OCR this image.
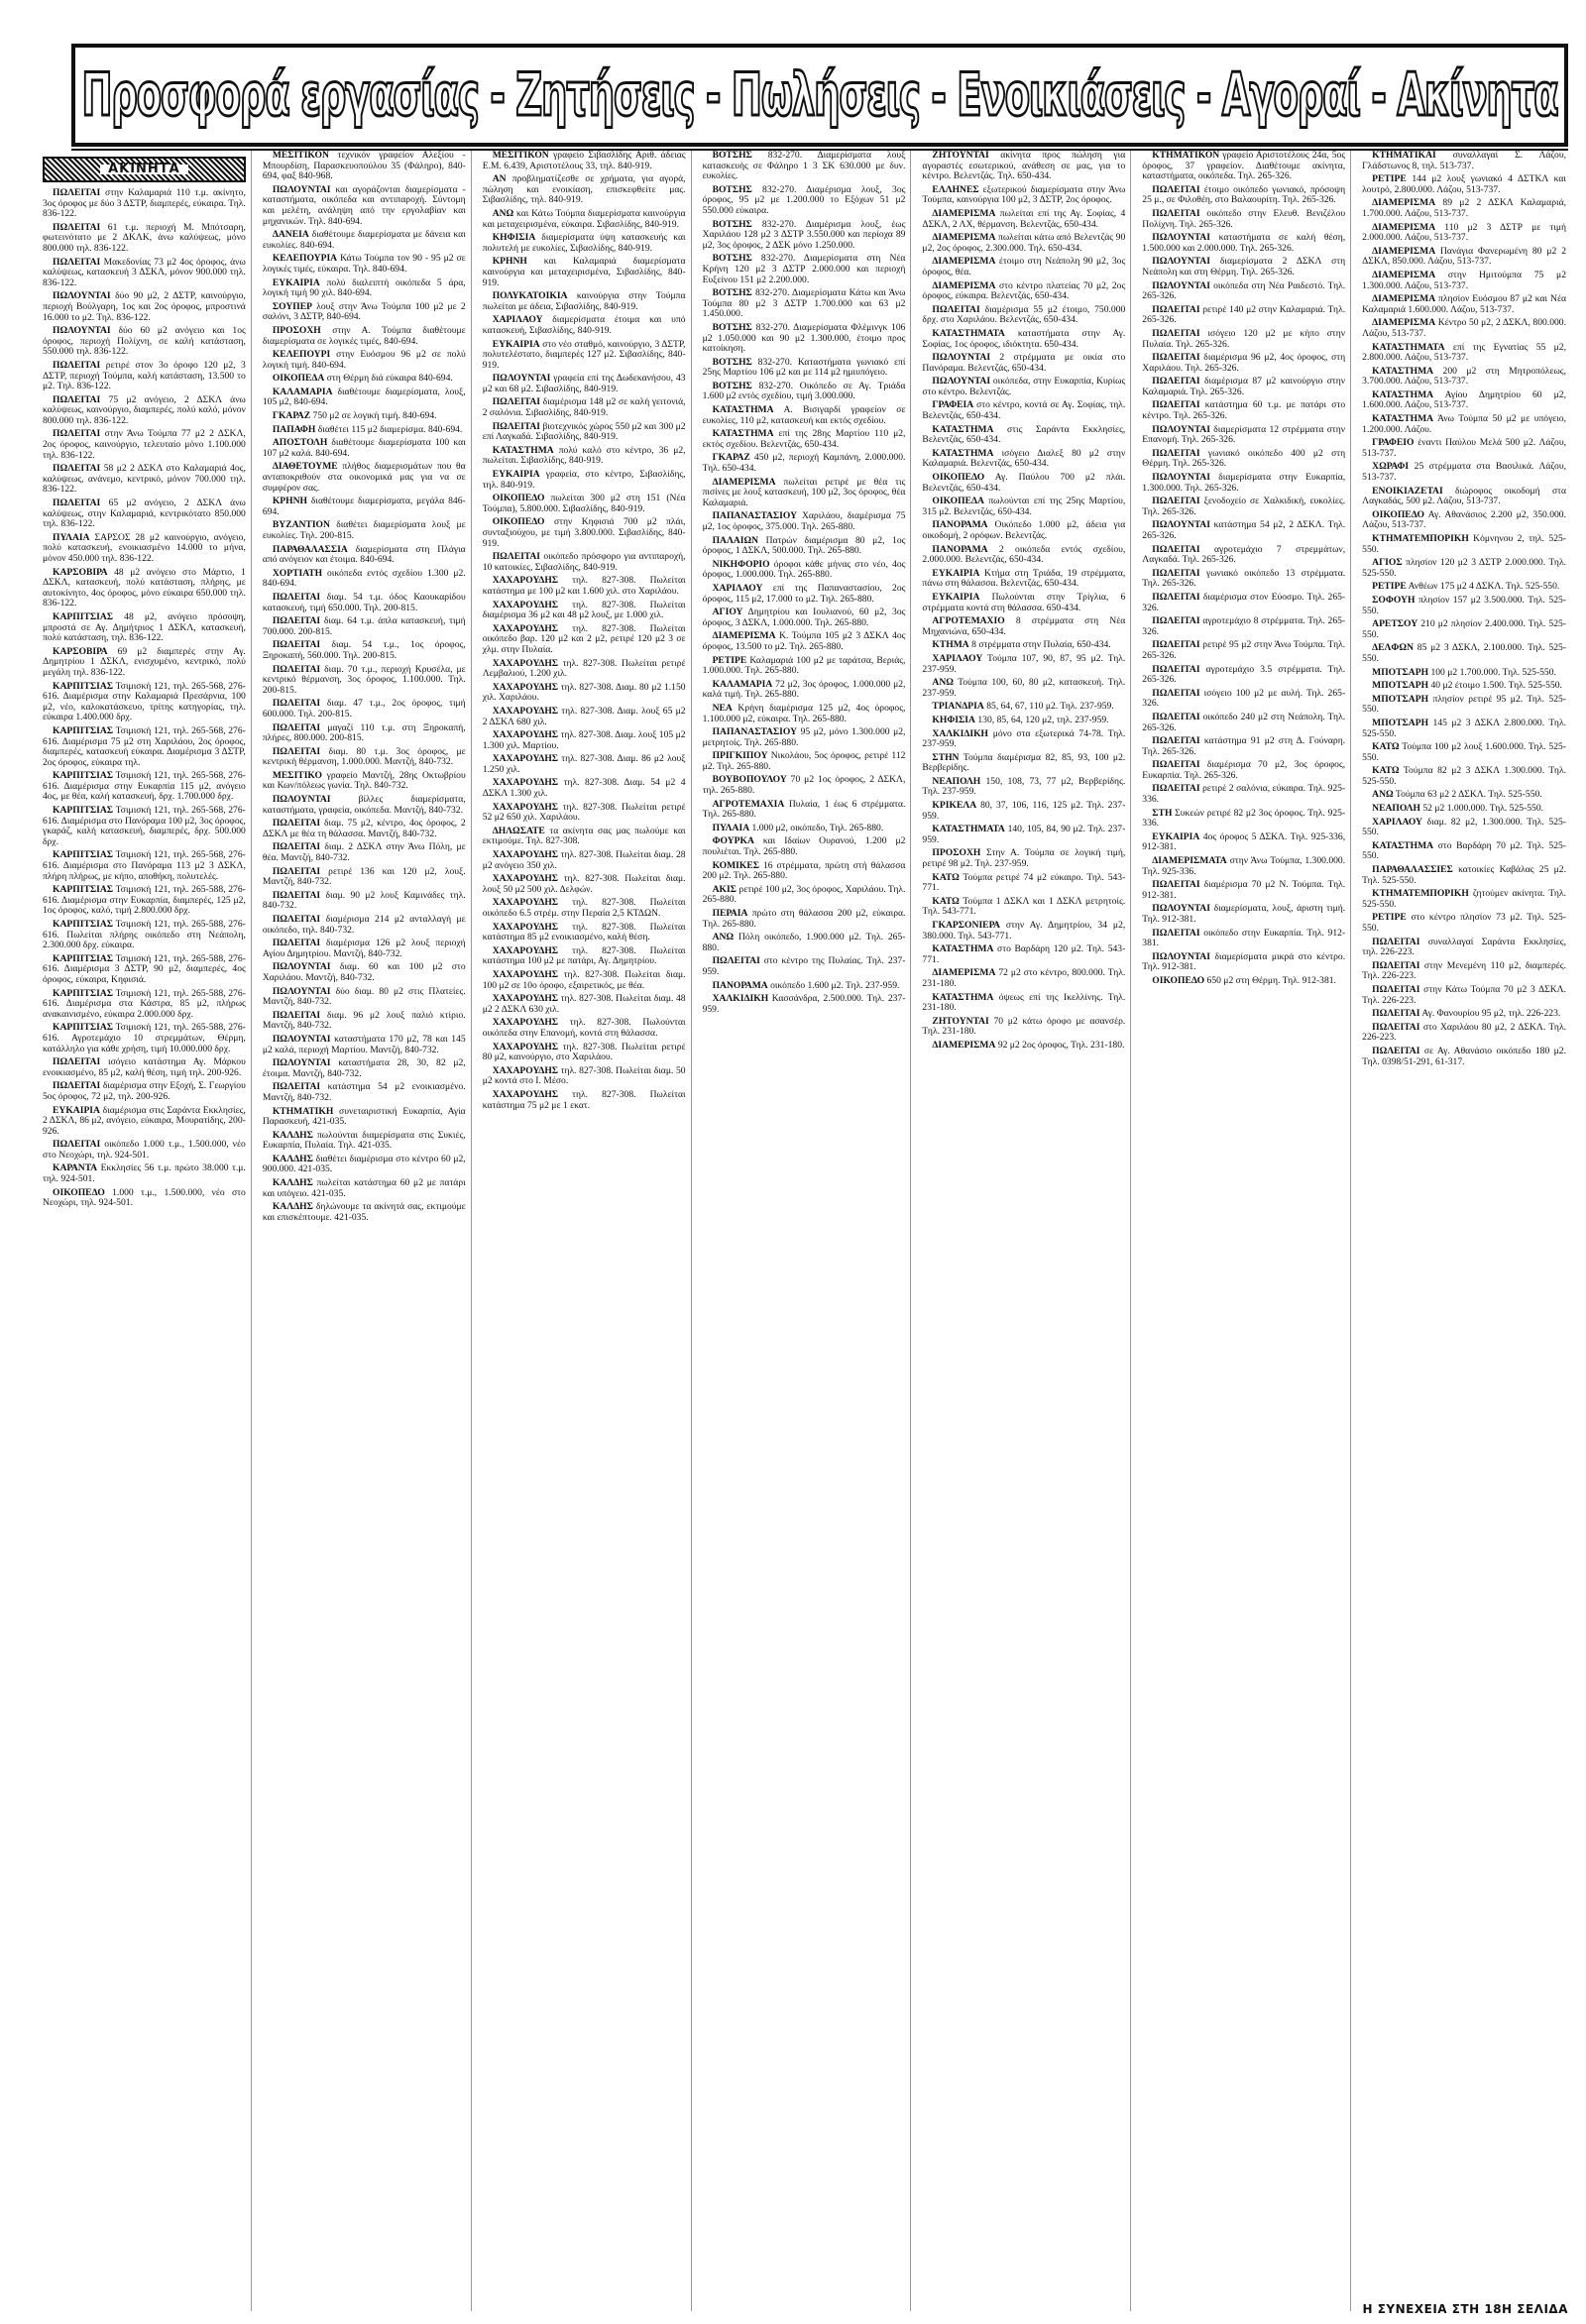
Προσφορά εργασίας - Ζητήσεις - Πωλήσεις - Ενοικιάσεις - Αγοραί - Ακίνητα
ΑΚΙΝΗΤΑ

ΠΩΛΕΙΤΑΙ στην Καλαμαριά 110 τ.μ. ακίνητο, 3ος όροφος με δύο 3 ΔΣΤΡ, διαμπερές, εύκαιρα. Τηλ. 836-122.

ΠΩΛΕΙΤΑΙ 61 τ.μ. περιοχή Μ. Μπότσαρη, φωτεινότατο με 2 ΔΚΛΚ, άνω καλύψεως, μόνο 800.000 τηλ. 836-122.

ΠΩΛΕΙΤΑΙ Μακεδονίας 73 μ2 4ος όροφος, άνω καλύψεως, κατασκευή 3 ΔΣΚΛ, μόνον 900.000 τηλ. 836-122.

ΠΩΛΟΥΝΤΑΙ δύο 90 μ2, 2 ΔΣΤΡ, καινούργιο, περιοχή Βούλγαρη, 1ος και 2ος όροφος, μπροστινά 16.000 το μ2. Τηλ. 836-122.

ΠΩΛΟΥΝΤΑΙ δύο 60 μ2 ανόγειο και 1ος όροφος, περιοχή Πολίχνη, σε καλή κατάσταση, 550.000 τηλ. 836-122.

ΠΩΛΕΙΤΑΙ ρετιρέ στον 3ο όροφο 120 μ2, 3 ΔΣΤΡ, περιοχή Τούμπα, καλή κατάσταση, 13.500 το μ2. Τηλ. 836-122.

ΠΩΛΕΙΤΑΙ 75 μ2 ανόγειο, 2 ΔΣΚΛ άνω καλύψεως, καινούργιο, διαμπερές, πολύ καλό, μόνον 800.000 τηλ. 836-122.

ΠΩΛΕΙΤΑΙ στην Άνω Τούμπα 77 μ2 2 ΔΣΚΛ, 2ος όροφος, καινούργιο, τελευταίο μόνο 1.100.000 τηλ. 836-122.

ΠΩΛΕΙΤΑΙ 58 μ2 2 ΔΣΚΛ στο Καλαμαριά 4ος, καλύψεως, ανάνεμο, κεντρικό, μόνον 700.000 τηλ. 836-122.

ΠΩΛΕΙΤΑΙ 65 μ2 ανόγειο, 2 ΔΣΚΛ άνω καλύψεως, στην Καλαμαριά, κεντρικότατο 850.000 τηλ. 836-122.

ΠΥΛΑΙΑ ΣΑΡΣΟΣ 28 μ2 καινούργιο, ανόγειο, πολύ κατασκευή, ενοικιασμένο 14.000 το μήνα, μόνον 450.000 τηλ. 836-122.

ΚΑΡΣΟΒΙΡΑ 48 μ2 ανόγειο στο Μάρτιο, 1 ΔΣΚΛ, κατασκευή, πολύ κατάσταση, πλήρης, με αυτοκίνητο, 4ος όροφος, μόνο εύκαιρα 650.000 τηλ. 836-122.

ΚΑΡΠΙΤΣΙΑΣ 48 μ2, ανόγειο πρόσοψη, μπροστά σε Αγ. Δημήτριος 1 ΔΣΚΛ, κατασκευή, πολύ κατάσταση, τηλ. 836-122.

ΚΑΡΣΟΒΙΡΑ 69 μ2 διαμπερές στην Αγ. Δημητρίου 1 ΔΣΚΛ, ενισχυμένο, κεντρικό, πολύ μεγάλη τηλ. 836-122.

ΚΑΡΠΙΤΣΙΑΣ Τσιμισκή 121, τηλ. 265-568, 276-616. Διαμέρισμα στην Καλαμαριά Πρεσάρνια, 100 μ2, νέο, καλοκατάσκευο, τρίτης κατηγορίας, τηλ. εύκαιρα 1.400.000 δρχ.

ΚΑΡΠΙΤΣΙΑΣ Τσιμισκή 121, τηλ. 265-568, 276-616. Διαμέρισμα 75 μ2 στη Χαριλάου, 2ος όροφος, διαμπερές, κατασκευή εύκαιρα. Διαμέρισμα 3 ΔΣΤΡ, 2ος όροφος, εύκαιρα τηλ.

ΚΑΡΠΙΤΣΙΑΣ Τσιμισκή 121, τηλ. 265-568, 276-616. Διαμέρισμα στην Ευκαρπία 115 μ2, ανόγειο 4ος, με θέα, καλή κατασκευή, δρχ. 1.700.000 δρχ.

ΚΑΡΠΙΤΣΙΑΣ Τσιμισκή 121, τηλ. 265-568, 276-616. Διαμέρισμα στο Πανόραμα 100 μ2, 3ος όροφος, γκαράζ, καλή κατασκευή, διαμπερές, δρχ. 500.000 δρχ.

ΚΑΡΠΙΤΣΙΑΣ Τσιμισκή 121, τηλ. 265-568, 276-616. Διαμέρισμα στο Πανόραμα 113 μ2 3 ΔΣΚΛ, πλήρη πλήρως, με κήπο, αποθήκη, πολυτελές.

ΚΑΡΠΙΤΣΙΑΣ Τσιμισκή 121, τηλ. 265-588, 276-616. Διαμέρισμα στην Ευκαρπία, διαμπερές, 125 μ2, 1ος όροφος, καλό, τιμή 2.800.000 δρχ.

ΚΑΡΠΙΤΣΙΑΣ Τσιμισκή 121, τηλ. 265-588, 276-616. Πωλείται πλήρης οικόπεδο στη Νεάπολη, 2.300.000 δρχ. εύκαιρα.

ΚΑΡΠΙΤΣΙΑΣ Τσιμισκή 121, τηλ. 265-588, 276-616. Διαμέρισμα 3 ΔΣΤΡ, 90 μ2, διαμπερές, 4ος όροφος, εύκαιρα, Κηφισιά.

ΚΑΡΠΙΤΣΙΑΣ Τσιμισκή 121, τηλ. 265-588, 276-616. Διαμέρισμα στα Κάστρα, 85 μ2, πλήρως ανακαινισμένο, εύκαιρα 2.000.000 δρχ.

ΚΑΡΠΙΤΣΙΑΣ Τσιμισκή 121, τηλ. 265-588, 276-616. Αγροτεμάχιο 10 στρεμμάτων, Θέρμη, κατάλληλο για κάθε χρήση, τιμή 10.000.000 δρχ.

ΠΩΛΕΙΤΑΙ ισόγειο κατάστημα Αγ. Μάρκου ενοικιασμένο, 85 μ2, καλή θέση, τιμή τηλ. 200-926.

ΠΩΛΕΙΤΑΙ διαμέρισμα στην Εξοχή, Σ. Γεωργίου 5ος όροφος, 72 μ2, τηλ. 200-926.

ΕΥΚΑΙΡΙΑ διαμέρισμα στις Σαράντα Εκκλησίες, 2 ΔΣΚΛ, 86 μ2, ανόγειο, εύκαιρα, Μουρατίδης, 200-926.

ΠΩΛΕΙΤΑΙ οικόπεδο 1.000 τ.μ., 1.500.000, νέο στο Νεοχώρι, τηλ. 924-501.

ΚΑΡΑΝΤΑ Εκκλησίες 56 τ.μ. πρώτο 38.000 τ.μ. τηλ. 924-501.

ΟΙΚΟΠΕΔΟ 1.000 τ.μ., 1.500.000, νέο στο Νεοχώρι, τηλ. 924-501.

ΜΕΣΙΤΙΚΟΝ τεχνικόν γραφείον Αλεξίου - Μπουρδίση, Παρασκευοπούλου 35 (Φάληρο), 840-694, φαξ 840-968.

ΠΩΛΟΥΝΤΑΙ και αγοράζονται διαμερίσματα - καταστήματα, οικόπεδα και αντιπαροχή. Σύντομη και μελέτη, ανάληψη από την εργολαβίαν και μηχανικών. Τηλ. 840-694.

ΔΑΝΕΙΑ διαθέτουμε διαμερίσματα με δάνεια και ευκολίες. 840-694.

ΚΕΛΕΠΟΥΡΙΑ Κάτω Τούμπα τον 90 - 95 μ2 σε λογικές τιμές, εύκαιρα. Τηλ. 840-694.

ΕΥΚΑΙΡΙΑ πολύ διαλειπτή οικόπεδα 5 άρα, λογική τιμή 90 χιλ. 840-694.

ΣΟΥΠΕΡ λουξ στην Άνω Τούμπα 100 μ2 με 2 σαλόνι, 3 ΔΣΤΡ, 840-694.

ΠΡΟΣΟΧΗ στην Α. Τούμπα διαθέτουμε διαμερίσματα σε λογικές τιμές, 840-694.

ΚΕΛΕΠΟΥΡΙ στην Ευόσμου 96 μ2 σε πολύ λογική τιμή. 840-694.

ΟΙΚΟΠΕΔΑ στη Θέρμη διά εύκαιρα 840-694.

ΚΑΛΑΜΑΡΙΑ διαθέτουμε διαμερίσματα, λουξ, 105 μ2, 840-694.

ΓΚΑΡΑΖ 750 μ2 σε λογική τιμή. 840-694.

ΠΑΠΑΦΗ διαθέτει 115 μ2 διαμερίσμα. 840-694.

ΑΠΟΣΤΟΛΗ διαθέτουμε διαμερίσματα 100 και 107 μ2 καλά. 840-694.

ΔΙΑΘΕΤΟΥΜΕ πλήθος διαμερισμάτων που θα ανταποκριθούν στα οικονομικά μας για να σε συμφέρον σας.

ΚΡΗΝΗ διαθέτουμε διαμερίσματα, μεγάλα 846-694.

ΒΥΖΑΝΤΙΟΝ διαθέτει διαμερίσματα λουξ με ευκολίες. Τηλ. 200-815.

ΠΑΡΑΘΑΛΑΣΣΙΑ διαμερίσματα στη Πλάγια από ανόγειον και έτοιμα. 840-694.

ΧΟΡΤΙΑΤΗ οικόπεδα εντός σχεδίου 1.300 μ2. 840-694.

ΠΩΛΕΙΤΑΙ διαμ. 54 τ.μ. όδος Καουκαρίδου κατασκευή, τιμή 650.000. Τηλ. 200-815.

ΠΩΛΕΙΤΑΙ διαμ. 64 τ.μ. άπλα κατασκευή, τιμή 700.000. 200-815.

ΠΩΛΕΙΤΑΙ διαμ. 54 τ.μ., 1ος όροφος, Ξηροκαπή, 560.000. Τηλ. 200-815.

ΠΩΛΕΙΤΑΙ διαμ. 70 τ.μ., περιοχή Κρυσέλα, με κεντρικό θέρμανση, 3ος όροφος, 1.100.000. Τηλ. 200-815.

ΠΩΛΕΙΤΑΙ διαμ. 47 τ.μ., 2ος όροφος, τιμή 600.000. Τηλ. 200-815.

ΠΩΛΕΙΤΑΙ μαγαζί 110 τ.μ. στη Ξηροκαπή, πλήρες, 800.000. 200-815.

ΠΩΛΕΙΤΑΙ διαμ. 80 τ.μ. 3ος όροφος, με κεντρική θέρμανση, 1.000.000. Μαντζή, 840-732.

ΜΕΣΙΤΙΚΟ γραφείο Μαντζή, 28ης Οκτωβρίου και Κων/πόλεως γωνία. Τηλ. 840-732.

ΠΩΛΟΥΝΤΑΙ	βίλλες διαμερίσματα, καταστήματα, γραφεία, οικόπεδα. Μαντζή, 840-732.

ΠΩΛΕΙΤΑΙ διαμ. 75 μ2, κέντρο, 4ος όροφος, 2 ΔΣΚΛ με θέα τη θάλασσα. Μαντζή, 840-732.

ΠΩΛΕΙΤΑΙ διαμ. 2 ΔΣΚΛ στην Άνω Πόλη, με θέα. Μαντζή, 840-732.

ΠΩΛΕΙΤΑΙ ρετιρέ 136 και 120 μ2, λουξ. Μαντζή, 840-732.

ΠΩΛΕΙΤΑΙ διαμ. 90 μ2 λουξ Καμινάδες τηλ. 840-732.

ΠΩΛΕΙΤΑΙ διαμέρισμα 214 μ2 ανταλλαγή με οικόπεδο, τηλ. 840-732.

ΠΩΛΕΙΤΑΙ διαμέρισμα 126 μ2 λουξ περιοχή Αγίου Δημητρίου. Μαντζή, 840-732.

ΠΩΛΟΥΝΤΑΙ διαμ. 60 και 100 μ2 στο Χαριλάου. Μαντζή, 840-732.

ΠΩΛΟΥΝΤΑΙ δύο διαμ. 80 μ2 στις Πλατείες. Μαντζή, 840-732.

ΠΩΛΕΙΤΑΙ διαμ. 96 μ2 λουξ παλιό κτίριο. Μαντζή, 840-732.

ΠΩΛΟΥΝΤΑΙ καταστήματα 170 μ2, 78 και 145 μ2 καλά, περιοχή Μαρτίου. Μαντζή, 840-732.

ΠΩΛΟΥΝΤΑΙ καταστήματα 28, 30, 82 μ2, έτοιμα. Μαντζή, 840-732.

ΠΩΛΕΙΤΑΙ κατάστημα 54 μ2 ενοικιασμένο. Μαντζή, 840-732.

ΚΤΗΜΑΤΙΚΗ συνεταιριστική Ευκαρπία, Αγία Παρασκευή, 421-035.

ΚΑΛΔΗΣ πωλούνται διαμερίσματα στις Συκιές, Ευκαρπία, Πυλαία. Τηλ. 421-035.

ΚΑΛΔΗΣ διαθέτει διαμέρισμα στο κέντρο 60 μ2, 900.000. 421-035.

ΚΑΛΔΗΣ πωλείται κατάστημα 60 μ2 με πατάρι και υπόγειο. 421-035.

ΚΑΛΔΗΣ δηλώνουμε τα ακίνητά σας, εκτιμούμε και επισκέπτουμε. 421-035.

ΜΕΣΙΤΙΚΟΝ γραφείο Σιβασλίδης Αριθ. άδειας Ε.Μ. 6.439, Αριστοτέλους 33, τηλ. 840-919.

ΑΝ προβληματίζεσθε σε χρήματα, για αγορά, πώληση και ενοικίαση, επισκεφθείτε μας. Σιβασλίδης, τηλ. 840-919.

ΑΝΩ και Κάτω Τούμπα διαμερίσματα καινούργια και μεταχειρισμένα, εύκαιρα. Σιβασλίδης, 840-919.

ΚΗΦΙΣΙΑ διαμερίσματα ύψη κατασκευής και πολυτελή με ευκολίες, Σιβασλίδης, 840-919.

ΚΡΗΝΗ και Καλαμαριά διαμερίσματα καινούργια και μεταχειρισμένα, Σιβασλίδης, 840-919.

ΠΟΛΥΚΑΤΟΙΚΙΑ καινούργια στην Τούμπα πωλείται με άδεια, Σιβασλίδης, 840-919.

ΧΑΡΙΛΑΟΥ διαμερίσματα έτοιμα και υπό κατασκευή, Σιβασλίδης, 840-919.

ΕΥΚΑΙΡΙΑ στο νέο σταθμό, καινούργιο, 3 ΔΣΤΡ, πολυτελέστατο, διαμπερές 127 μ2. Σιβασλίδης, 840-919.

ΠΩΛΟΥΝΤΑΙ γραφεία επί της Δωδεκανήσου, 43 μ2 και 68 μ2. Σιβασλίδης, 840-919.

ΠΩΛΕΙΤΑΙ διαμέρισμα 148 μ2 σε καλή γειτονιά, 2 σαλόνια. Σιβασλίδης, 840-919.

ΠΩΛΕΙΤΑΙ βιοτεχνικός χώρος 550 μ2 και 300 μ2 επί Λαγκαδά. Σιβασλίδης, 840-919.

ΚΑΤΑΣΤΗΜΑ πολύ καλό στο κέντρο, 36 μ2, πωλείται. Σιβασλίδης, 840-919.

ΕΥΚΑΙΡΙΑ γραφεία, στο κέντρο, Σιβασλίδης, τηλ. 840-919.

ΟΙΚΟΠΕΔΟ πωλείται 300 μ2 στη 151 (Νέα Τούμπα), 5.800.000. Σιβασλίδης, 840-919.

ΟΙΚΟΠΕΔΟ στην Κηφισιά 700 μ2 πλάι, συνταξιούχου, με τιμή 3.800.000. Σιβασλίδης, 840-919.

ΠΩΛΕΙΤΑΙ οικόπεδο πρόσφορο για αντιπαροχή, 10 κατοικίες, Σιβασλίδης, 840-919.

ΧΑΧΑΡΟΥΔΗΣ τηλ. 827-308. Πωλείται κατάστημα με 100 μ2 και 1.600 χιλ. στο Χαριλάου.

ΧΑΧΑΡΟΥΔΗΣ τηλ. 827-308. Πωλείται διαμέρισμα 36 μ2 και 48 μ2 λουξ, με 1.000 χιλ.

ΧΑΧΑΡΟΥΔΗΣ τηλ. 827-308. Πωλείται οικόπεδο βαρ. 120 μ2 και 2 μ2, ρετιρέ 120 μ2 3 σε χλμ. στην Πυλαία.

ΧΑΧΑΡΟΥΔΗΣ τηλ. 827-308. Πωλείται ρετιρέ Λεμβαλιού, 1.200 χιλ.

ΧΑΧΑΡΟΥΔΗΣ τηλ. 827-308. Διαμ. 80 μ2 1.150 χιλ. Χαριλάου.

ΧΑΧΑΡΟΥΔΗΣ τηλ. 827-308. Διαμ. λουξ 65 μ2 2 ΔΣΚΛ 680 χιλ.

ΧΑΧΑΡΟΥΔΗΣ τηλ. 827-308. Διαμ. λουξ 105 μ2 1.300 χιλ. Μαρτίου.

ΧΑΧΑΡΟΥΔΗΣ τηλ. 827-308. Διαμ. 86 μ2 λουξ 1.250 χιλ.

ΧΑΧΑΡΟΥΔΗΣ τηλ. 827-308. Διαμ. 54 μ2 4 ΔΣΚΛ 1.300 χιλ.

ΧΑΧΑΡΟΥΔΗΣ τηλ. 827-308. Πωλείται ρετιρέ 52 μ2 650 χιλ. Χαριλάου.

ΔΗΛΩΣΑΤΕ τα ακίνητα σας μας πωλούμε και εκτιμούμε. Τηλ. 827-308.

ΧΑΧΑΡΟΥΔΗΣ τηλ. 827-308. Πωλείται διαμ. 28 μ2 ανόγειο 350 χιλ.

ΧΑΧΑΡΟΥΔΗΣ τηλ. 827-308. Πωλείται διαμ. λουξ 50 μ2 500 χιλ. Δελφών.

ΧΑΧΑΡΟΥΔΗΣ τηλ. 827-308. Πωλείται οικόπεδο 6.5 στρέμ. στην Περαία 2,5 ΚΤΔΩΝ.

ΧΑΧΑΡΟΥΔΗΣ τηλ. 827-308. Πωλείται κατάστημα 85 μ2 ενοικιασμένο, καλή θέση.

ΧΑΧΑΡΟΥΔΗΣ τηλ. 827-308. Πωλείται κατάστημα 100 μ2 με πατάρι, Αγ. Δημητρίου.

ΧΑΧΑΡΟΥΔΗΣ τηλ. 827-308. Πωλείται διαμ. 100 μ2 σε 10ο όροφο, εξαιρετικός, με θέα.

ΧΑΧΑΡΟΥΔΗΣ τηλ. 827-308. Πωλείται διαμ. 48 μ2 2 ΔΣΚΛ 630 χιλ.

ΧΑΧΑΡΟΥΔΗΣ τηλ. 827-308. Πωλούνται οικόπεδα στην Επανομή, κοντά στη θάλασσα.

ΧΑΧΑΡΟΥΔΗΣ τηλ. 827-308. Πωλείται ρετιρέ 80 μ2, καινούργιο, στο Χαριλάου.

ΧΑΧΑΡΟΥΔΗΣ τηλ. 827-308. Πωλείται διαμ. 50 μ2 κοντά στο Ι. Μέσο.

ΧΑΧΑΡΟΥΔΗΣ τηλ. 827-308. Πωλείται κατάστημα 75 μ2 με 1 εκατ.

ΒΟΤΣΗΣ 832-270. Διαμερίσματα λουξ κατασκευής σε Φάληρο 1 3 ΣΚ 630.000 με δυν. ευκολίες.

ΒΟΤΣΗΣ 832-270. Διαμέρισμα λουξ, 3ος όροφος, 95 μ2 με 1.200.000 το Εξόχων 51 μ2 550.000 εύκαιρα.

ΒΟΤΣΗΣ 832-270. Διαμέρισμα λουξ, έως Χαριλάου 128 μ2 3 ΔΣΤΡ 3.550.000 και περίοχα 89 μ2, 3ος όροφος, 2 ΔΣΚ μόνο 1.250.000.

ΒΟΤΣΗΣ 832-270. Διαμερίσματα στη Νέα Κρήνη 120 μ2 3 ΔΣΤΡ 2.000.000 και περιοχή Ευξείνου 151 μ2 2.200.000.

ΒΟΤΣΗΣ 832-270. Διαμερίσματα Κάτω και Άνω Τούμπα 80 μ2 3 ΔΣΤΡ 1.700.000 και 63 μ2 1.450.000.

ΒΟΤΣΗΣ 832-270. Διαμερίσματα Φλέμινγκ 106 μ2 1.050.000 και 90 μ2 1.300.000, έτοιμο προς κατοίκηση.

ΒΟΤΣΗΣ 832-270. Καταστήματα γωνιακό επί 25ης Μαρτίου 106 μ2 και με 114 μ2 ημιυπόγειο.

ΒΟΤΣΗΣ 832-270. Οικόπεδο σε Αγ. Τριάδα 1.600 μ2 εντός σχεδίου, τιμή 3.000.000.

ΚΑΤΑΣΤΗΜΑ Α. Βισιγαρδί γραφείον σε ευκολίες, 110 μ2, κατασκευή και εκτός σχεδίου.

ΚΑΤΑΣΤΗΜΑ επί της 28ης Μαρτίου 110 μ2, εκτός σχεδίου. Βελεντζάς, 650-434.

ΓΚΑΡΑΖ 450 μ2, περιοχή Καμπάνη, 2.000.000. Τηλ. 650-434.

ΔΙΑΜΕΡΙΣΜΑ πωλείται ρετιρέ με θέα τις πισίνες με λουξ κατασκευή, 100 μ2, 3ος όροφος, θέα Καλαμαριά.

ΠΑΠΑΝΑΣΤΑΣΙΟΥ Χαριλάου, διαμέρισμα 75 μ2, 1ος όροφος, 375.000. Τηλ. 265-880.

ΠΑΛΑΙΩΝ Πατρών διαμέρισμα 80 μ2, 1ος όροφος, 1 ΔΣΚΛ, 500.000. Τηλ. 265-880.

ΝΙΚΗΦΟΡΙΟ όροφοι κάθε μήνας στο νέο, 4ος όροφος, 1.000.000. Τηλ. 265-880.

ΧΑΡΙΛΑΟΥ επί της Παπαναστασίου, 2ος όροφος, 115 μ2, 17.000 το μ2. Τηλ. 265-880.

ΑΓΙΟΥ Δημητρίου και Ιουλιανού, 60 μ2, 3ος όροφος, 3 ΔΣΚΛ, 1.000.000. Τηλ. 265-880.

ΔΙΑΜΕΡΙΣΜΑ Κ. Τούμπα 105 μ2 3 ΔΣΚΛ 4ος όροφος, 13.500 το μ2. Τηλ. 265-880.

ΡΕΤΙΡΕ Καλαμαριά 100 μ2 με ταράτσα, Βεριάς, 1.000.000. Τηλ. 265-880.

ΚΑΛΑΜΑΡΙΑ 72 μ2, 3ος όροφος, 1.000.000 μ2, καλά τιμή. Τηλ. 265-880.

ΝΕΑ Κρήνη διαμέρισμα 125 μ2, 4ος όροφος, 1.100.000 μ2, εύκαιρα. Τηλ. 265-880.

ΠΑΠΑΝΑΣΤΑΣΙΟΥ 95 μ2, μόνο 1.300.000 μ2, μετρητοίς. Τηλ. 265-880.

ΠΡΙΓΚΙΠΟΥ Νικολάου, 5ος όροφος, ρετιρέ 112 μ2. Τηλ. 265-880.

ΒΟΥΒΟΠΟΥΛΟΥ 70 μ2 1ος όροφος, 2 ΔΣΚΛ, τηλ. 265-880.

ΑΓΡΟΤΕΜΑΧΙΑ Πυλαία, 1 έως 6 στρέμματα. Τηλ. 265-880.

ΠΥΛΑΙΑ 1.000 μ2, οικόπεδο, Τηλ. 265-880.

ΦΟΥΡΚΑ και Ιδαίων Ουρανού, 1.200 μ2 πουλιέται. Τηλ. 265-880.

ΚΟΜΙΚΕΣ 16 στρέμματα, πρώτη στή θάλασσα 200 μ2. Τηλ. 265-880.

ΑΚΙΣ ρετιρέ 100 μ2, 3ος όροφος, Χαριλάου. Τηλ. 265-880.

ΠΕΡΑΙΑ πρώτο στη θάλασσα 200 μ2, εύκαιρα. Τηλ. 265-880.

ΑΝΩ Πόλη οικόπεδο, 1.900.000 μ2. Τηλ. 265-880.

ΠΩΛΕΙΤΑΙ στο κέντρο της Πυλαίας. Τηλ. 237-959.

ΠΑΝΟΡΑΜΑ οικόπεδο 1.600 μ2. Τηλ. 237-959.

ΧΑΛΚΙΔΙΚΗ Κασσάνδρα, 2.500.000. Τηλ. 237-959.

ΖΗΤΟΥΝΤΑΙ ακίνητα προς πώληση για αγοραστές εσωτερικού, ανάθεση σε μας, για το κέντρο. Βελεντζάς. Τηλ. 650-434.

ΕΛΛΗΝΕΣ εξωτερικού διαμερίσματα στην Άνω Τούμπα, καινούργια 100 μ2, 3 ΔΣΤΡ, 2ος όροφος.

ΔΙΑΜΕΡΙΣΜΑ πωλείται επί της Αγ. Σοφίας, 4 ΔΣΚΛ, 2 ΛΧ, θέρμανση. Βελεντζάς, 650-434.

ΔΙΑΜΕΡΙΣΜΑ πωλείται κάτω από Βελεντζάς 90 μ2, 2ος όροφος, 2.300.000. Τηλ. 650-434.

ΔΙΑΜΕΡΙΣΜΑ έτοιμο στη Νεάπολη 90 μ2, 3ος όροφος, θέα.

ΔΙΑΜΕΡΙΣΜΑ στο κέντρο πλατείας 70 μ2, 2ος όροφος, εύκαιρα. Βελεντζάς, 650-434.

ΠΩΛΕΙΤΑΙ διαμέρισμα 55 μ2 έτοιμο, 750.000 δρχ. στο Χαριλάου. Βελεντζάς, 650-434.

ΚΑΤΑΣΤΗΜΑΤΑ καταστήματα στην Αγ. Σοφίας, 1ος όροφος, ιδιόκτητα. 650-434.

ΠΩΛΟΥΝΤΑΙ 2 στρέμματα με οικία στο Πανόραμα. Βελεντζάς, 650-434.

ΠΩΛΟΥΝΤΑΙ οικόπεδα, στην Ευκαρπία, Κυρίως στο κέντρο. Βελεντζάς.

ΓΡΑΦΕΙΑ στο κέντρο, κοντά σε Αγ. Σοφίας, τηλ. Βελεντζάς, 650-434.

ΚΑΤΑΣΤΗΜΑ στις Σαράντα Εκκλησίες, Βελεντζάς, 650-434.

ΚΑΤΑΣΤΗΜΑ ισόγειο Διαλεξ 80 μ2 στην Καλαμαριά. Βελεντζάς, 650-434.

ΟΙΚΟΠΕΔΟ Αγ. Παύλου 700 μ2 πλάι. Βελεντζάς, 650-434.

ΟΙΚΟΠΕΔΑ πωλούνται επί της 25ης Μαρτίου, 315 μ2. Βελεντζάς, 650-434.

ΠΑΝΟΡΑΜΑ Οικόπεδο 1.000 μ2, άδεια για οικοδομή, 2 ορόφων. Βελεντζάς.

ΠΑΝΟΡΑΜΑ 2 οικόπεδα εντός σχεδίου, 2.000.000. Βελεντζάς, 650-434.

ΕΥΚΑΙΡΙΑ Κτήμα στη Τριάδα, 19 στρέμματα, πάνω στη θάλασσα. Βελεντζάς, 650-434.

ΕΥΚΑΙΡΙΑ Πωλούνται στην Τρίγλια, 6 στρέμματα κοντά στη θάλασσα. 650-434.

ΑΓΡΟΤΕΜΑΧΙΟ 8 στρέμματα στη Νέα Μηχανιώνα, 650-434.

ΚΤΗΜΑ 8 στρέμματα στην Πυλαία, 650-434.

ΧΑΡΙΛΑΟΥ Τούμπα 107, 90, 87, 95 μ2. Τηλ. 237-959.

ΑΝΩ Τούμπα 100, 60, 80 μ2, κατασκευή. Τηλ. 237-959.

ΤΡΙΑΝΔΡΙΑ 85, 64, 67, 110 μ2. Τηλ. 237-959.

ΚΗΦΙΣΙΑ 130, 85, 64, 120 μ2, τηλ. 237-959.

ΧΑΛΚΙΔΙΚΗ μόνο στα εξωτερικά 74-78. Τηλ. 237-959.

ΣΤΗΝ Τούμπα διαμέρισμα 82, 85, 93, 100 μ2. Βερβερίδης.

ΝΕΑΠΟΛΗ 150, 108, 73, 77 μ2, Βερβερίδης. Τηλ. 237-959.

ΚΡΙΚΕΛΑ 80, 37, 106, 116, 125 μ2. Τηλ. 237-959.

ΚΑΤΑΣΤΗΜΑΤΑ 140, 105, 84, 90 μ2. Τηλ. 237-959.

ΠΡΟΣΟΧΗ Στην Α. Τούμπα σε λογική τιμή, ρετιρέ 98 μ2. Τηλ. 237-959.

ΚΑΤΩ Τούμπα ρετιρέ 74 μ2 εύκαιρο. Τηλ. 543-771.

ΚΑΤΩ Τούμπα 1 ΔΣΚΛ και 1 ΔΣΚΛ μετρητοίς. Τηλ. 543-771.

ΓΚΑΡΣΟΝΙΕΡΑ στην Αγ. Δημητρίου, 34 μ2, 380.000. Τηλ. 543-771.

ΚΑΤΑΣΤΗΜΑ στο Βαρδάρη 120 μ2. Τηλ. 543-771.

ΔΙΑΜΕΡΙΣΜΑ 72 μ2 στο κέντρο, 800.000. Τηλ. 231-180.

ΚΑΤΑΣΤΗΜΑ όψεως επί της Ικελλίνης. Τηλ. 231-180.

ΖΗΤΟΥΝΤΑΙ 70 μ2 κάτω όροφο με ασανσέρ. Τηλ. 231-180.

ΔΙΑΜΕΡΙΣΜΑ 92 μ2 2ος όροφος, Τηλ. 231-180.

ΚΤΗΜΑΤΙΚΟΝ γραφείο Αριστοτέλους 24α, 5ος όροφος, 37 γραφείον. Διαθέτουμε ακίνητα, καταστήματα, οικόπεδα. Τηλ. 265-326.

ΠΩΛΕΙΤΑΙ έτοιμο οικόπεδο γωνιακό, πρόσοψη 25 μ., σε Φιλοθέη, στο Βαλαουρίτη. Τηλ. 265-326.

ΠΩΛΕΙΤΑΙ οικόπεδο στην Ελευθ. Βενιζέλου Πολίχνη. Τηλ. 265-326.

ΠΩΛΟΥΝΤΑΙ καταστήματα σε καλή θέση, 1.500.000 και 2.000.000. Τηλ. 265-326.

ΠΩΛΟΥΝΤΑΙ διαμερίσματα 2 ΔΣΚΛ στη Νεάπολη και στη Θέρμη. Τηλ. 265-326.

ΠΩΛΟΥΝΤΑΙ οικόπεδα στη Νέα Ραιδεστό. Τηλ. 265-326.

ΠΩΛΕΙΤΑΙ ρετιρέ 140 μ2 στην Καλαμαριά. Τηλ. 265-326.

ΠΩΛΕΙΤΑΙ ισόγειο 120 μ2 με κήπο στην Πυλαία. Τηλ. 265-326.

ΠΩΛΕΙΤΑΙ διαμέρισμα 96 μ2, 4ος όροφος, στη Χαριλάου. Τηλ. 265-326.

ΠΩΛΕΙΤΑΙ διαμέρισμα 87 μ2 καινούργιο στην Καλαμαριά. Τηλ. 265-326.

ΠΩΛΕΙΤΑΙ κατάστημα 60 τ.μ. με πατάρι στο κέντρο. Τηλ. 265-326.

ΠΩΛΟΥΝΤΑΙ διαμερίσματα 12 στρέμματα στην Επανομή. Τηλ. 265-326.

ΠΩΛΕΙΤΑΙ γωνιακό οικόπεδο 400 μ2 στη Θέρμη. Τηλ. 265-326.

ΠΩΛΟΥΝΤΑΙ διαμερίσματα στην Ευκαρπία, 1.300.000. Τηλ. 265-326.

ΠΩΛΕΙΤΑΙ ξενοδοχείο σε Χαλκιδική, ευκολίες. Τηλ. 265-326.

ΠΩΛΟΥΝΤΑΙ κατάστημα 54 μ2, 2 ΔΣΚΛ. Τηλ. 265-326.

ΠΩΛΕΙΤΑΙ αγροτεμάχιο 7 στρεμμάτων, Λαγκαδά. Τηλ. 265-326.

ΠΩΛΕΙΤΑΙ γωνιακό οικόπεδο 13 στρέμματα. Τηλ. 265-326.

ΠΩΛΕΙΤΑΙ διαμέρισμα στον Εύοσμο. Τηλ. 265-326.

ΠΩΛΕΙΤΑΙ αγροτεμάχιο 8 στρέμματα. Τηλ. 265-326.

ΠΩΛΕΙΤΑΙ ρετιρέ 95 μ2 στην Άνω Τούμπα. Τηλ. 265-326.

ΠΩΛΕΙΤΑΙ αγροτεμάχιο 3.5 στρέμματα. Τηλ. 265-326.

ΠΩΛΕΙΤΑΙ ισόγειο 100 μ2 με αυλή. Τηλ. 265-326.

ΠΩΛΕΙΤΑΙ οικόπεδο 240 μ2 στη Νεάπολη. Τηλ. 265-326.

ΠΩΛΕΙΤΑΙ κατάστημα 91 μ2 στη Δ. Γούναρη. Τηλ. 265-326.

ΠΩΛΕΙΤΑΙ διαμέρισμα 70 μ2, 3ος όροφος, Ευκαρπία. Τηλ. 265-326.

ΠΩΛΕΙΤΑΙ ρετιρέ 2 σαλόνια, εύκαιρα. Τηλ. 925-336.

ΣΤΗ Συκεών ρετιρέ 82 μ2 3ος όροφος. Τηλ. 925-336.

ΕΥΚΑΙΡΙΑ 4ος όροφος 5 ΔΣΚΛ. Τηλ. 925-336, 912-381.

ΔΙΑΜΕΡΙΣΜΑΤΑ στην Άνω Τούμπα, 1.300.000. Τηλ. 925-336.

ΠΩΛΕΙΤΑΙ διαμέρισμα 70 μ2 Ν. Τούμπα. Τηλ. 912-381.

ΠΩΛΟΥΝΤΑΙ διαμερίσματα, λουξ, άριστη τιμή. Τηλ. 912-381.

ΠΩΛΕΙΤΑΙ οικόπεδο στην Ευκαρπία. Τηλ. 912-381.

ΠΩΛΟΥΝΤΑΙ διαμερίσματα μικρά στο κέντρο. Τηλ. 912-381.

ΟΙΚΟΠΕΔΟ 650 μ2 στη Θέρμη. Τηλ. 912-381.

ΚΤΗΜΑΤΙΚΑΙ συναλλαγαί Σ. Λάζου, Γλάδστωνος 8, τηλ. 513-737.

ΡΕΤΙΡΕ 144 μ2 λουξ γωνιακό 4 ΔΣΤΚΛ και λουτρό, 2.800.000. Λάζου, 513-737.

ΔΙΑΜΕΡΙΣΜΑ 89 μ2 2 ΔΣΚΛ Καλαμαριά, 1.700.000. Λάζου, 513-737.

ΔΙΑΜΕΡΙΣΜΑ 110 μ2 3 ΔΣΤΡ με τιμή 2.000.000. Λάζου, 513-737.

ΔΙΑΜΕΡΙΣΜΑ Πανάγια Φανερωμένη 80 μ2 2 ΔΣΚΛ, 850.000. Λάζου, 513-737.

ΔΙΑΜΕΡΙΣΜΑ στην Ημιτούμπα 75 μ2 1.300.000. Λάζου, 513-737.

ΔΙΑΜΕΡΙΣΜΑ πλησίον Ευόσμου 87 μ2 και Νέα Καλαμαριά 1.600.000. Λάζου, 513-737.

ΔΙΑΜΕΡΙΣΜΑ Κέντρο 50 μ2, 2 ΔΣΚΛ, 800.000. Λάζου, 513-737.

ΚΑΤΑΣΤΗΜΑΤΑ επί της Εγνατίας 55 μ2, 2.800.000. Λάζου, 513-737.

ΚΑΤΑΣΤΗΜΑ 200 μ2 στη Μητροπόλεως, 3.700.000. Λάζου, 513-737.

ΚΑΤΑΣΤΗΜΑ Αγίου Δημητρίου 60 μ2, 1.600.000. Λάζου, 513-737.

ΚΑΤΑΣΤΗΜΑ Άνω Τούμπα 50 μ2 με υπόγειο, 1.200.000. Λάζου.

ΓΡΑΦΕΙΟ έναντι Παύλου Μελά 500 μ2. Λάζου, 513-737.

ΧΩΡΑΦΙ 25 στρέμματα στα Βασιλικά. Λάζου, 513-737.

ΕΝΟΙΚΙΑΖΕΤΑΙ διώροφος οικοδομή στα Λαγκαδάς, 500 μ2. Λάζου, 513-737.

ΟΙΚΟΠΕΔΟ Αγ. Αθανάσιος 2.200 μ2, 350.000. Λάζου, 513-737.

ΚΤΗΜΑΤΕΜΠΟΡΙΚΗ Κόμνηνου 2, τηλ. 525-550.

ΑΓΙΟΣ πλησίον 120 μ2 3 ΔΣΤΡ 2.000.000. Τηλ. 525-550.

ΡΕΤΙΡΕ Ανθέων 175 μ2 4 ΔΣΚΛ. Τηλ. 525-550.

ΣΟΦΟΥΗ πλησίον 157 μ2 3.500.000. Τηλ. 525-550.

ΑΡΕΤΣΟΥ 210 μ2 πλησίον 2.400.000. Τηλ. 525-550.

ΔΕΛΦΩΝ 85 μ2 3 ΔΣΚΛ, 2.100.000. Τηλ. 525-550.

ΜΠΟΤΣΑΡΗ 100 μ2 1.700.000. Τηλ. 525-550.

ΜΠΟΤΣΑΡΗ 40 μ2 έτοιμο 1.500. Τηλ. 525-550.

ΜΠΟΤΣΑΡΗ πλησίον ρετιρέ 95 μ2. Τηλ. 525-550.

ΜΠΟΤΣΑΡΗ 145 μ2 3 ΔΣΚΛ 2.800.000. Τηλ. 525-550.

ΚΑΤΩ Τούμπα 100 μ2 λουξ 1.600.000. Τηλ. 525-550.

ΚΑΤΩ Τούμπα 82 μ2 3 ΔΣΚΛ 1.300.000. Τηλ. 525-550.

ΑΝΩ Τούμπα 63 μ2 2 ΔΣΚΛ. Τηλ. 525-550.

ΝΕΑΠΟΛΗ 52 μ2 1.000.000. Τηλ. 525-550.

ΧΑΡΙΛΑΟΥ διαμ. 82 μ2, 1.300.000. Τηλ. 525-550.

ΚΑΤΑΣΤΗΜΑ στο Βαρδάρη 70 μ2. Τηλ. 525-550.

ΠΑΡΑΘΑΛΑΣΣΙΕΣ κατοικίες Καβάλας 25 μ2. Τηλ. 525-550.

ΚΤΗΜΑΤΕΜΠΟΡΙΚΗ ζητούμεν ακίνητα. Τηλ. 525-550.

ΡΕΤΙΡΕ στο κέντρο πλησίον 73 μ2. Τηλ. 525-550.

ΠΩΛΕΙΤΑΙ συναλλαγαί Σαράντα Εκκλησίες, τηλ. 226-223.

ΠΩΛΕΙΤΑΙ στην Μενεμένη 110 μ2, διαμπερές. Τηλ. 226-223.

ΠΩΛΕΙΤΑΙ στην Κάτω Τούμπα 70 μ2 3 ΔΣΚΛ. Τηλ. 226-223.

ΠΩΛΕΙΤΑΙ Αγ. Φανουρίου 95 μ2, τηλ. 226-223.

ΠΩΛΕΙΤΑΙ στο Χαριλάου 80 μ2, 2 ΔΣΚΛ. Τηλ. 226-223.

ΠΩΛΕΙΤΑΙ σε Αγ. Αθανάσιο οικόπεδο 180 μ2. Τηλ. 0398/51-291, 61-317.

Η ΣΥΝΕΧΕΙΑ ΣΤΗ 18Η ΣΕΛΙΔΑ
